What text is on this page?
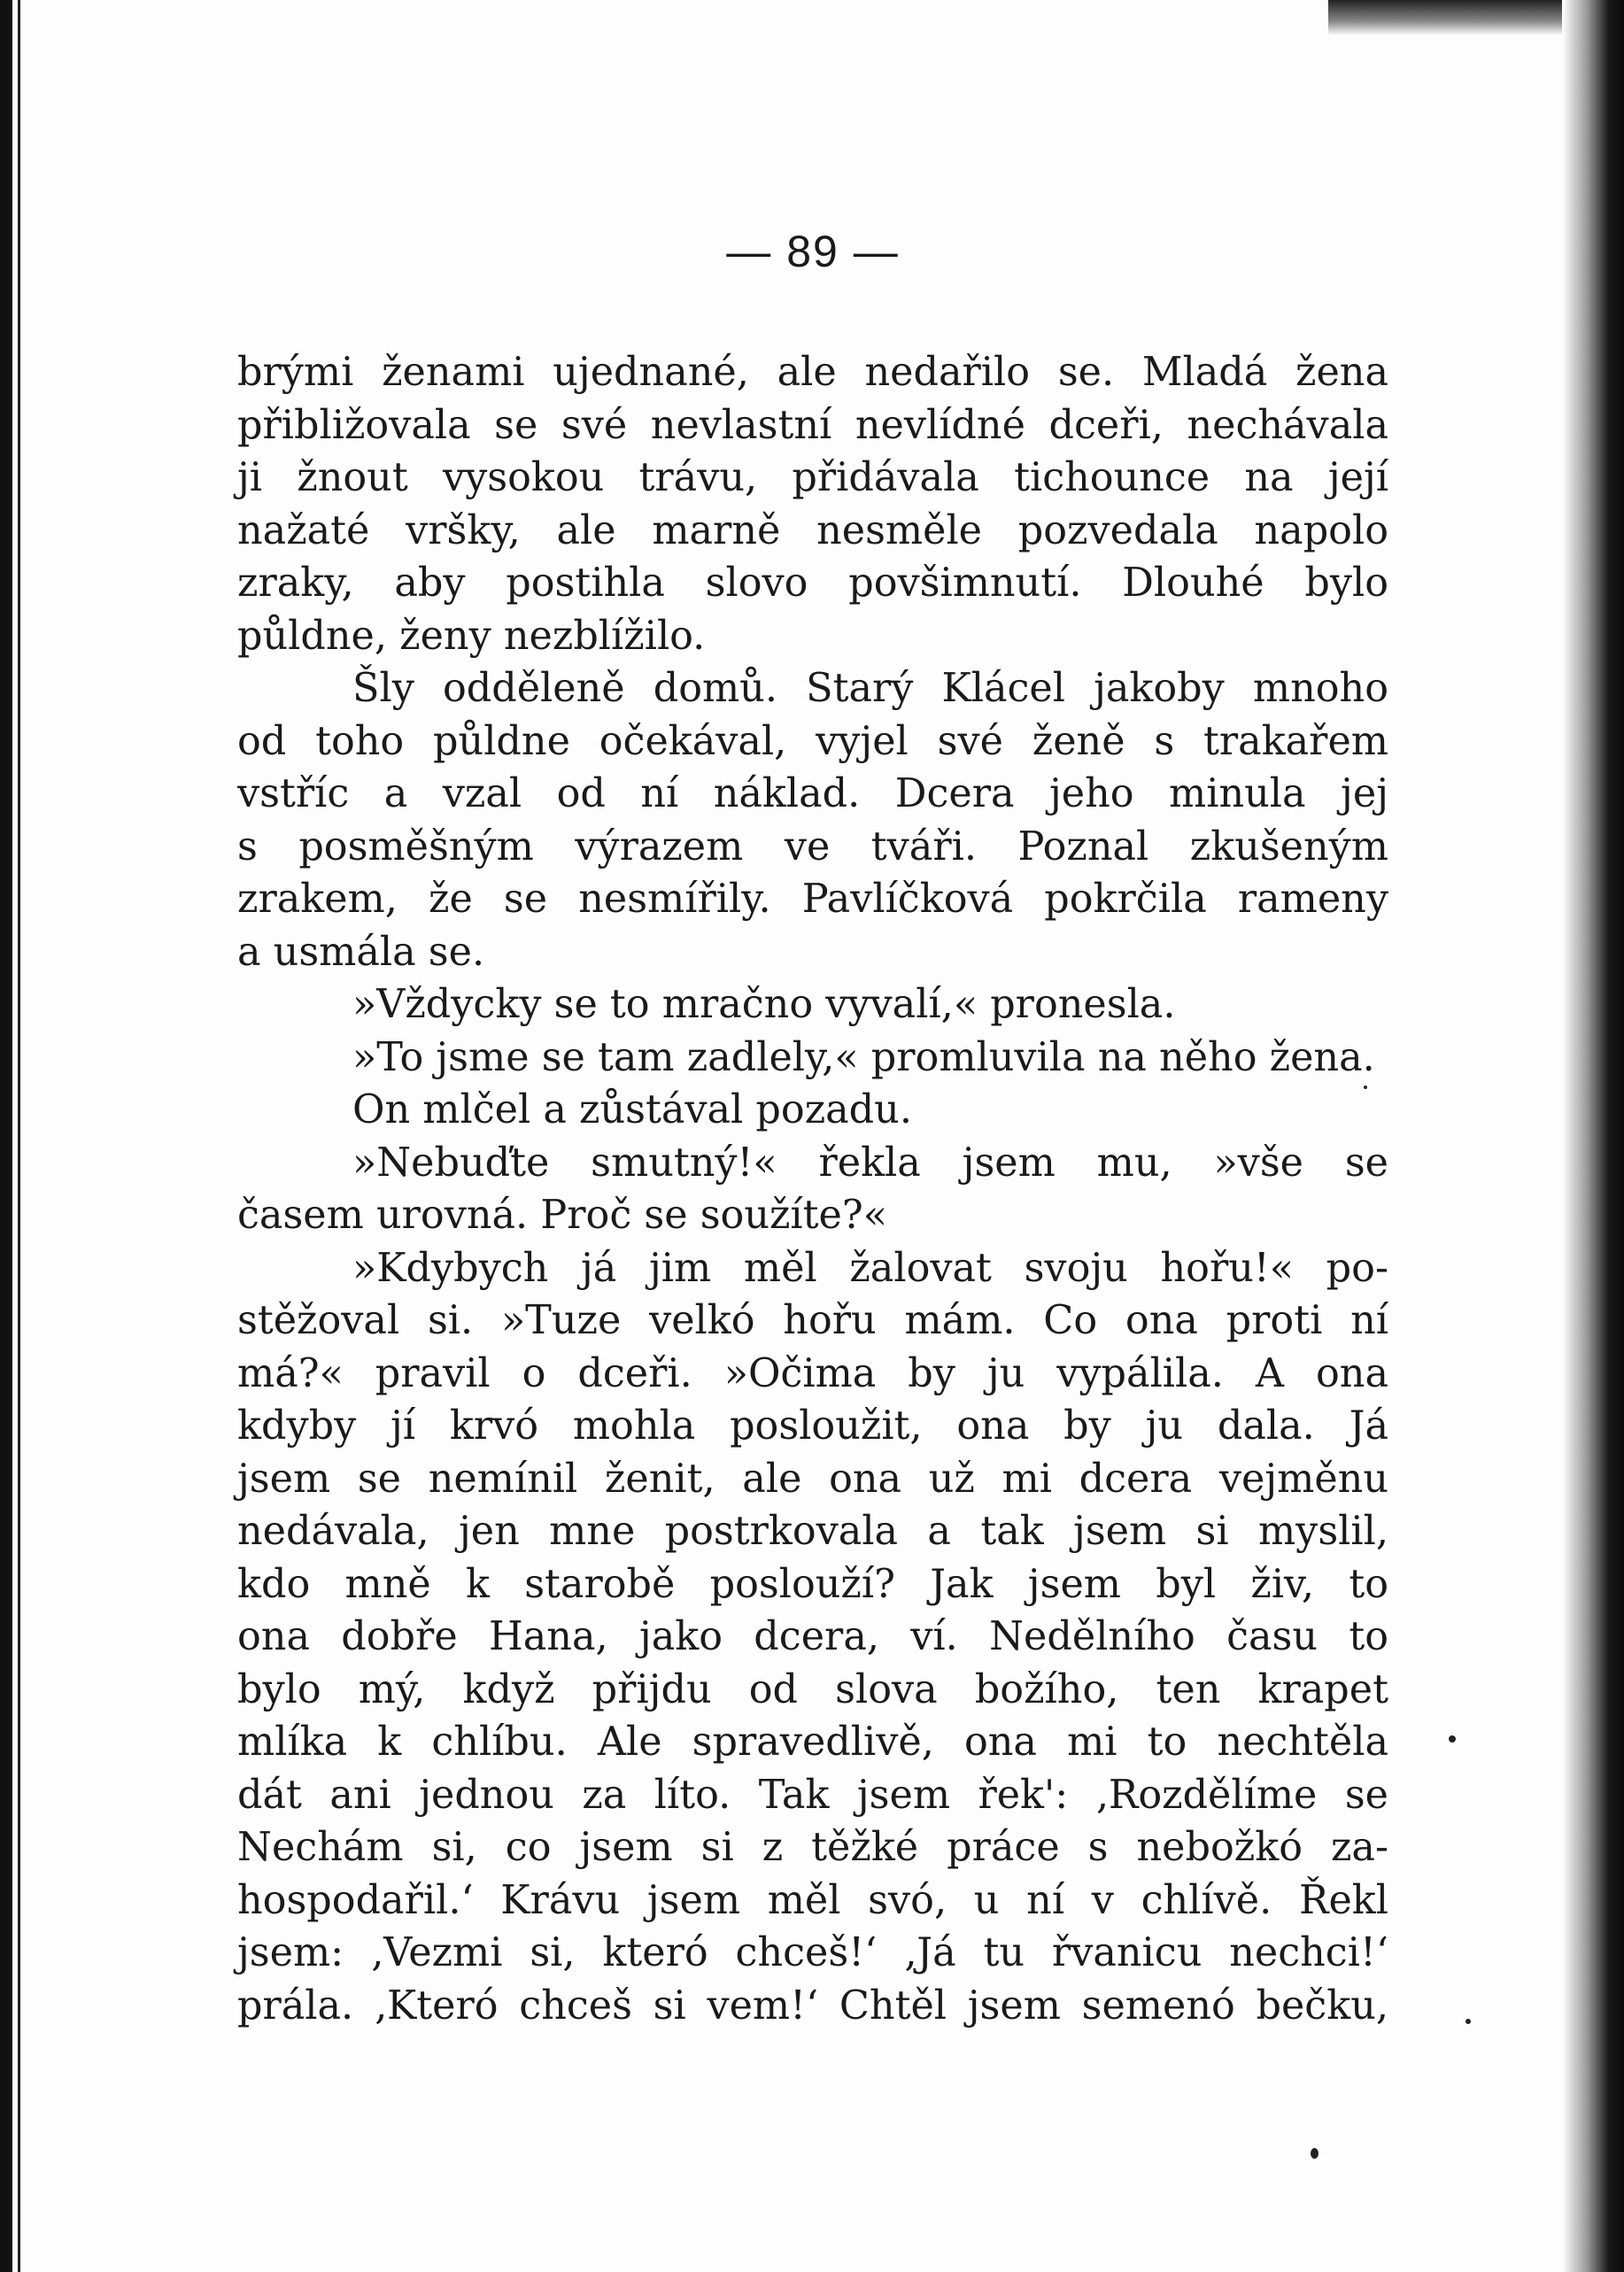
— 89 —
brými ženami ujednané, ale nedařilo se. Mladá žena
přibližovala se své nevlastní nevlídné dceři, nechávala
ji žnout vysokou trávu, přidávala tichounce na její
nažaté vršky, ale marně nesměle pozvedala napolo
zraky, aby postihla slovo povšimnutí. Dlouhé bylo
půldne, ženy nezblížilo.
Šly odděleně domů. Starý Klácel jakoby mnoho
od toho půldne očekával, vyjel své ženě s trakařem
vstříc a vzal od ní náklad. Dcera jeho minula jej
s posměšným výrazem ve tváři. Poznal zkušeným
zrakem, že se nesmířily. Pavlíčková pokrčila rameny
a usmála se.
»Vždycky se to mračno vyvalí,« pronesla.
»To jsme se tam zadlely,« promluvila na něho žena.
On mlčel a zůstával pozadu.
»Nebuďte smutný!« řekla jsem mu, »vše se
časem urovná. Proč se soužíte?«
»Kdybych já jim měl žalovat svoju hořu!« po-
stěžoval si. »Tuze velkó hořu mám. Co ona proti ní
má?« pravil o dceři. »Očima by ju vypálila. A ona
kdyby jí krvó mohla posloužit, ona by ju dala. Já
jsem se nemínil ženit, ale ona už mi dcera vejměnu
nedávala, jen mne postrkovala a tak jsem si myslil,
kdo mně k starobě poslouží? Jak jsem byl živ, to
ona dobře Hana, jako dcera, ví. Nedělního času to
bylo mý, když přijdu od slova božího, ten krapet
mlíka k chlíbu. Ale spravedlivě, ona mi to nechtěla
dát ani jednou za líto. Tak jsem řek': ‚Rozdělíme se
Nechám si, co jsem si z těžké práce s nebožkó za-
hospodařil.‘ Krávu jsem měl svó, u ní v chlívě. Řekl
jsem: ‚Vezmi si, kteró chceš!‘ ‚Já tu řvanicu nechci!‘
prála. ‚Kteró chceš si vem!‘ Chtěl jsem semenó bečku,
